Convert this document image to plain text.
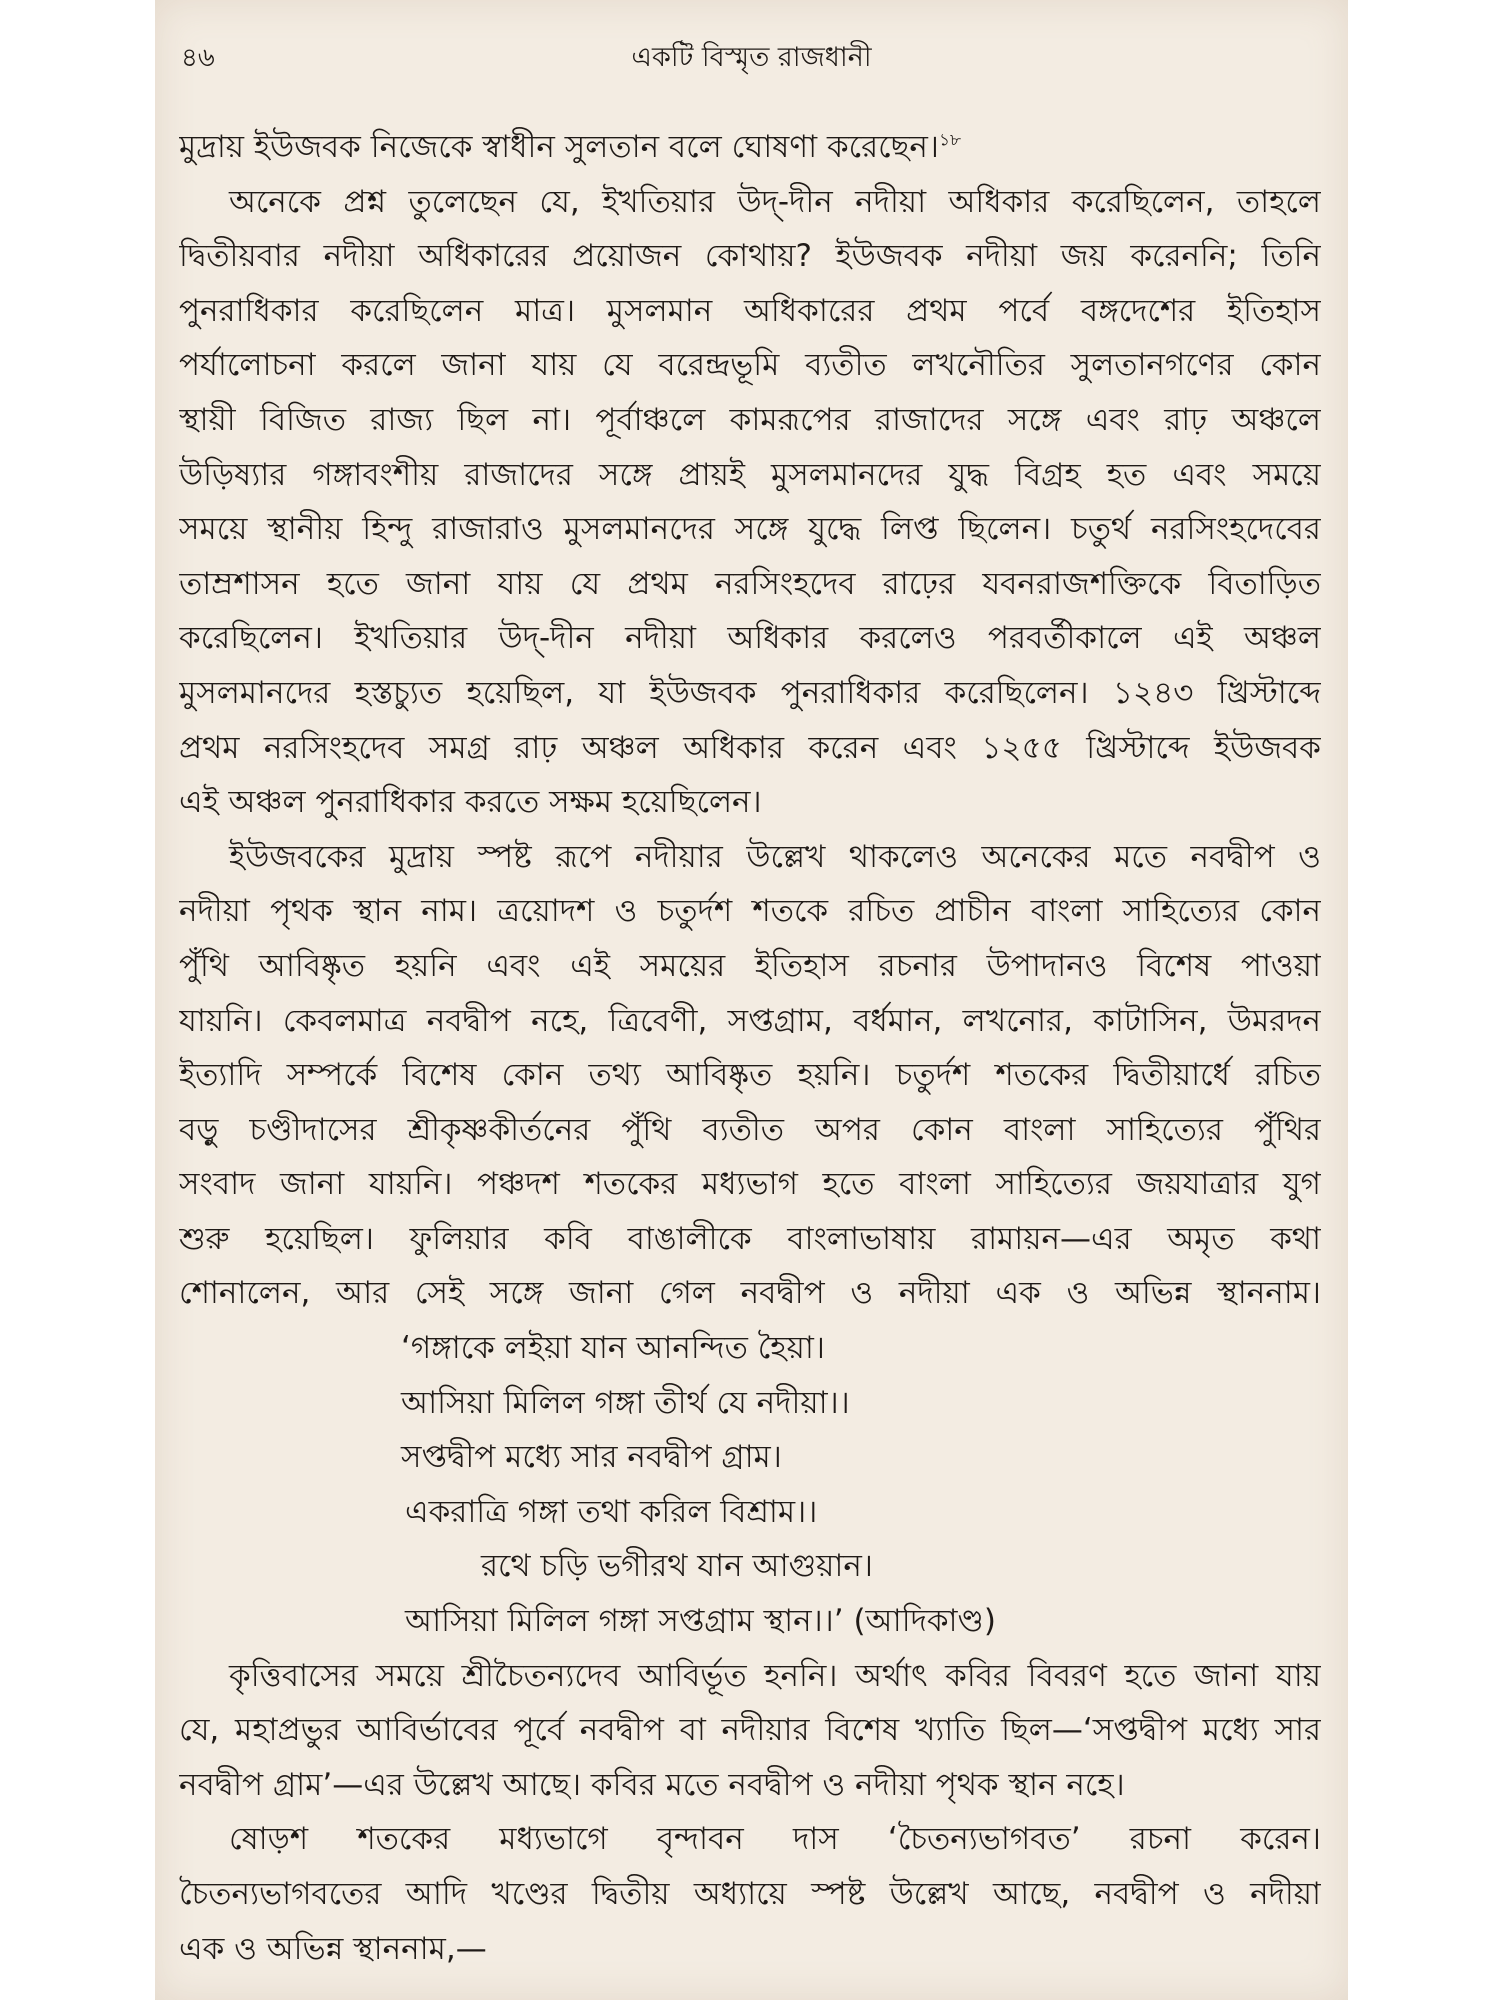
৪৬	একটি বিস্মৃত রাজধানী
মুদ্রায় ইউজবক নিজেকে স্বাধীন সুলতান বলে ঘোষণা করেছেন।$^{১৮}$
অনেকে প্রশ্ন তুলেছেন যে, ইখতিয়ার উদ্‌-দীন নদীয়া অধিকার করেছিলেন, তাহলে
দ্বিতীয়বার নদীয়া অধিকারের প্রয়োজন কোথায়? ইউজবক নদীয়া জয় করেননি; তিনি
পুনরাধিকার করেছিলেন মাত্র। মুসলমান অধিকারের প্রথম পর্বে বঙ্গদেশের ইতিহাস
পর্যালোচনা করলে জানা যায় যে বরেন্দ্রভূমি ব্যতীত লখনৌতির সুলতানগণের কোন
স্থায়ী বিজিত রাজ্য ছিল না। পূর্বাঞ্চলে কামরূপের রাজাদের সঙ্গে এবং রাঢ় অঞ্চলে
উড়িষ্যার গঙ্গাবংশীয় রাজাদের সঙ্গে প্রায়ই মুসলমানদের যুদ্ধ বিগ্রহ হত এবং সময়ে
সময়ে স্থানীয় হিন্দু রাজারাও মুসলমানদের সঙ্গে যুদ্ধে লিপ্ত ছিলেন। চতুর্থ নরসিংহদেবের
তাম্রশাসন হতে জানা যায় যে প্রথম নরসিংহদেব রাঢ়ের যবনরাজশক্তিকে বিতাড়িত
করেছিলেন। ইখতিয়ার উদ্‌-দীন নদীয়া অধিকার করলেও পরবর্তীকালে এই অঞ্চল
মুসলমানদের হস্তচ্যুত হয়েছিল, যা ইউজবক পুনরাধিকার করেছিলেন। ১২৪৩ খ্রিস্টাব্দে
প্রথম নরসিংহদেব সমগ্র রাঢ় অঞ্চল অধিকার করেন এবং ১২৫৫ খ্রিস্টাব্দে ইউজবক
এই অঞ্চল পুনরাধিকার করতে সক্ষম হয়েছিলেন।
ইউজবকের মুদ্রায় স্পষ্ট রূপে নদীয়ার উল্লেখ থাকলেও অনেকের মতে নবদ্বীপ ও
নদীয়া পৃথক স্থান নাম। ত্রয়োদশ ও চতুর্দশ শতকে রচিত প্রাচীন বাংলা সাহিত্যের কোন
পুঁথি আবিষ্কৃত হয়নি এবং এই সময়ের ইতিহাস রচনার উপাদানও বিশেষ পাওয়া
যায়নি। কেবলমাত্র নবদ্বীপ নহে, ত্রিবেণী, সপ্তগ্রাম, বর্ধমান, লখনোর, কাটাসিন, উমরদন
ইত্যাদি সম্পর্কে বিশেষ কোন তথ্য আবিষ্কৃত হয়নি। চতুর্দশ শতকের দ্বিতীয়ার্ধে রচিত
বড়ু চণ্ডীদাসের শ্রীকৃষ্ণকীর্তনের পুঁথি ব্যতীত অপর কোন বাংলা সাহিত্যের পুঁথির
সংবাদ জানা যায়নি। পঞ্চদশ শতকের মধ্যভাগ হতে বাংলা সাহিত্যের জয়যাত্রার যুগ
শুরু হয়েছিল। ফুলিয়ার কবি বাঙালীকে বাংলাভাষায় রামায়ন—এর অমৃত কথা
শোনালেন, আর সেই সঙ্গে জানা গেল নবদ্বীপ ও নদীয়া এক ও অভিন্ন স্থাননাম।
‘গঙ্গাকে লইয়া যান আনন্দিত হৈয়া।
আসিয়া মিলিল গঙ্গা তীর্থ যে নদীয়া।।
সপ্তদ্বীপ মধ্যে সার নবদ্বীপ গ্রাম।
একরাত্রি গঙ্গা তথা করিল বিশ্রাম।।
রথে চড়ি ভগীরথ যান আগুয়ান।
আসিয়া মিলিল গঙ্গা সপ্তগ্রাম স্থান।।’ (আদিকাণ্ড)
কৃত্তিবাসের সময়ে শ্রীচৈতন্যদেব আবির্ভূত হননি। অর্থাৎ কবির বিবরণ হতে জানা যায়
যে, মহাপ্রভুর আবির্ভাবের পূর্বে নবদ্বীপ বা নদীয়ার বিশেষ খ্যাতি ছিল—‘সপ্তদ্বীপ মধ্যে সার
নবদ্বীপ গ্রাম’—এর উল্লেখ আছে। কবির মতে নবদ্বীপ ও নদীয়া পৃথক স্থান নহে।
ষোড়শ শতকের মধ্যভাগে বৃন্দাবন দাস ‘চৈতন্যভাগবত’ রচনা করেন।
চৈতন্যভাগবতের আদি খণ্ডের দ্বিতীয় অধ্যায়ে স্পষ্ট উল্লেখ আছে, নবদ্বীপ ও নদীয়া
এক ও অভিন্ন স্থাননাম,—
